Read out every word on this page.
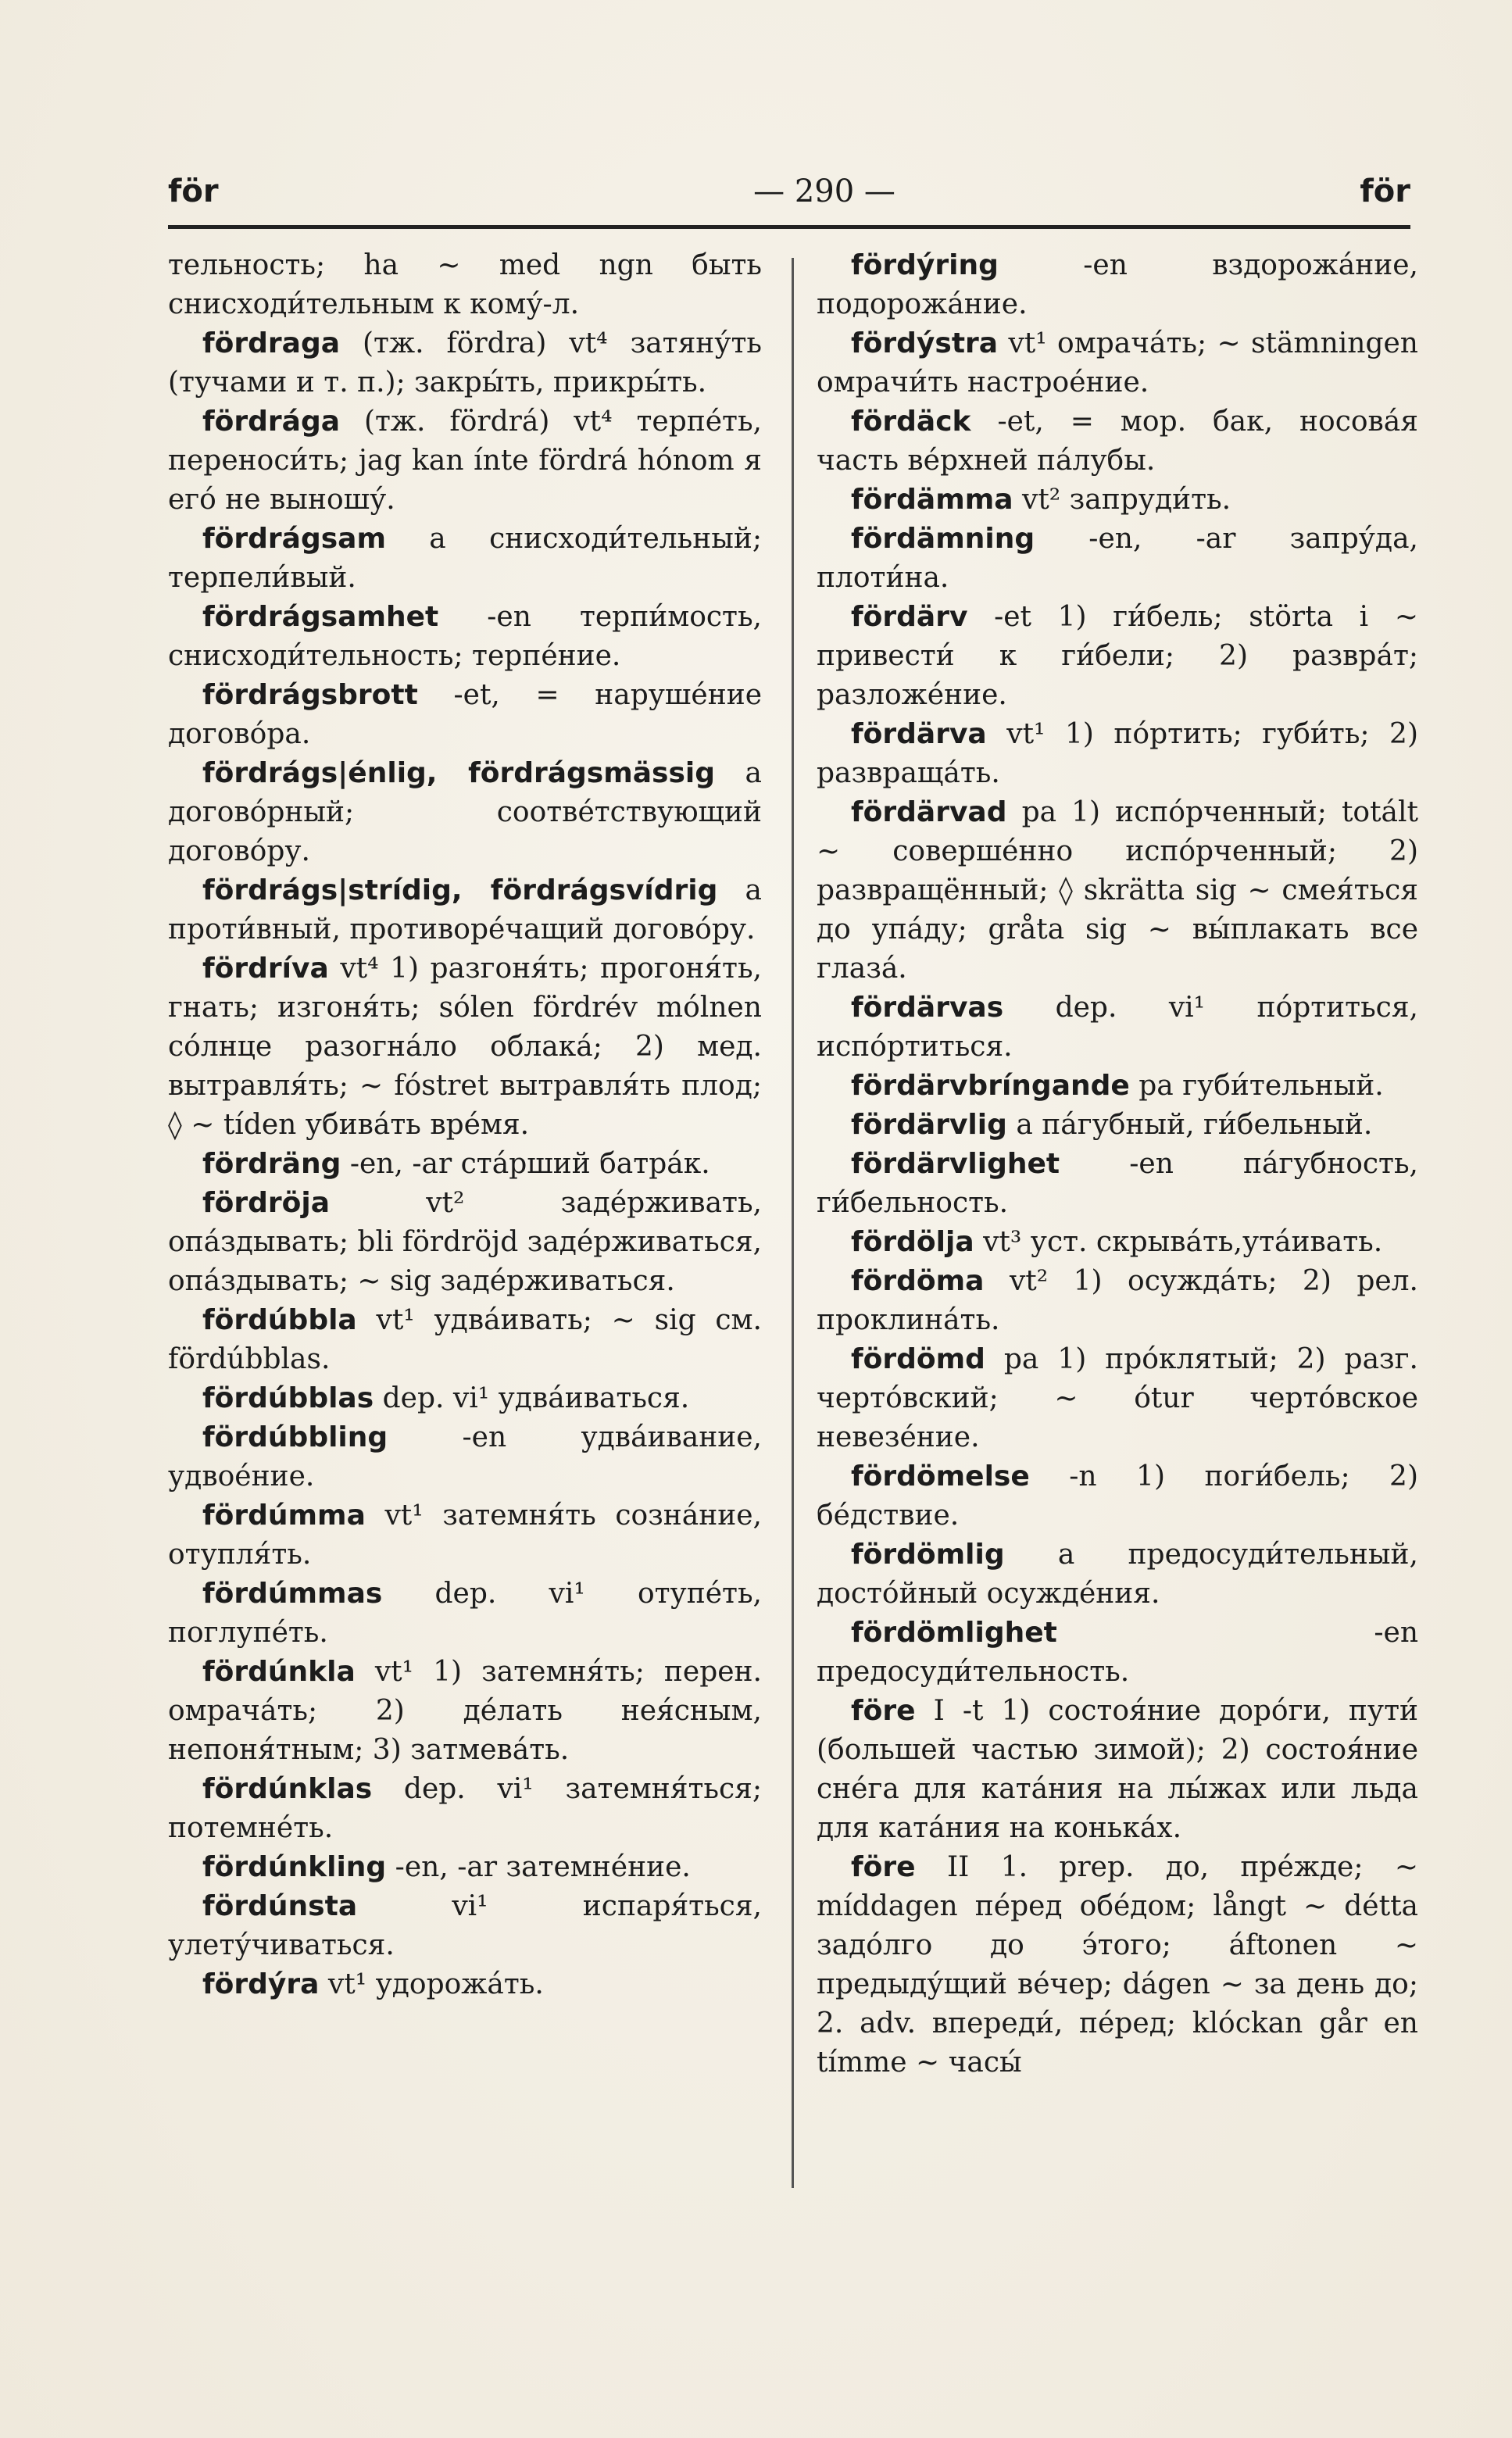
för	— 290 —	för
тельность; ha ~ med ngn быть снисходи́тельным к кому́-л.
fördraga (тж. fördra) vt⁴ затяну́ть (тучами и т. п.); закры́ть, прикры́ть.
fördrága (тж. fördrá) vt⁴ терпе́ть, переноси́ть; jag kan ínte fördrá hónom я его́ не выношу́.
fördrágsam a снисходи́тельный; терпели́вый.
fördrágsamhet -en терпи́мость, снисходи́тельность; терпе́ние.
fördrágsbrott -et, = наруше́ние догово́ра.
fördrágs|énlig, fördrágsmässig a догово́рный; соотве́тствующий догово́ру.
fördrágs|strídig, fördrágsvídrig a проти́вный, противоре́чащий догово́ру.
fördríva vt⁴ 1) разгоня́ть; прогоня́ть, гнать; изгоня́ть; sólen fördrév mólnen со́лнце разогна́ло облака́; 2) мед. вытравля́ть; ~ fóstret вытравля́ть плод; ◊ ~ tíden убива́ть вре́мя.
fördräng -en, -ar ста́рший батра́к.
fördröja	vt² заде́рживать, опа́здывать; bli fördröjd заде́рживаться, опа́здывать; ~ sig заде́рживаться.
fördúbbla vt¹ удва́ивать; ~ sig см. fördúbblas.
fördúbblas dep. vi¹ удва́иваться.
fördúbbling	-en удва́ивание, удвое́ние.
fördúmma vt¹ затемня́ть созна́ние, отупля́ть.
fördúmmas dep. vi¹ отупе́ть, поглупе́ть.
fördúnkla vt¹ 1) затемня́ть; перен. омрача́ть; 2) де́лать нея́сным, непоня́тным; 3) затмева́ть.
fördúnklas dep. vi¹ затемня́ться; потемне́ть.
fördúnkling -en, -ar затемне́ние.
fördúnsta	vi¹ испаря́ться, улету́чиваться.
fördýra vt¹ удорожа́ть.
fördýring	-en вздорожа́ние, подорожа́ние.
fördýstra vt¹ омрача́ть; ~ stämningen омрачи́ть настрое́ние.
fördäck -et, = мор. бак, носова́я часть ве́рхней па́лубы.
fördämma vt² запруди́ть.
fördämning -en, -ar запру́да, плоти́на.
fördärv -et 1) ги́бель; störta i ~ привести́ к ги́бели; 2) развра́т; разложе́ние.
fördärva vt¹ 1) по́ртить; губи́ть; 2) развраща́ть.
fördärvad pa 1) испо́рченный; totált ~ соверше́нно испо́рченный; 2) развращённый; ◊ skrätta sig ~ смея́ться до упа́ду; gråta sig ~ вы́плакать все глаза́.
fördärvas dep. vi¹ по́ртиться, испо́ртиться.
fördärvbríngande pa губи́тельный.
fördärvlig a па́губный, ги́бельный.
fördärvlighet -en па́губность, ги́бельность.
fördölja vt³ уст. скрыва́ть,ута́ивать.
fördöma vt² 1) осужда́ть; 2) рел. проклина́ть.
fördömd pa 1) про́клятый; 2) разг. черто́вский; ~ ótur черто́вское невезе́ние.
fördömelse -n 1) поги́бель; 2) бе́дствие.
fördömlig a предосуди́тельный, досто́йный осужде́ния.
fördömlighet	-en предосуди́тельность.
före I -t 1) состоя́ние доро́ги, пути́ (большей частью зимой); 2) состоя́ние сне́га для ката́ния на лы́жах или льда для ката́ния на конька́х.
före II 1. prep. до, пре́жде; ~ míddagen пе́ред обе́дом; långt ~ détta задо́лго до э́того; áftonen ~ предыду́щий ве́чер; dágen ~ за день до; 2. adv. впереди́, пе́ред; klóckan går en tímme ~ часы́
